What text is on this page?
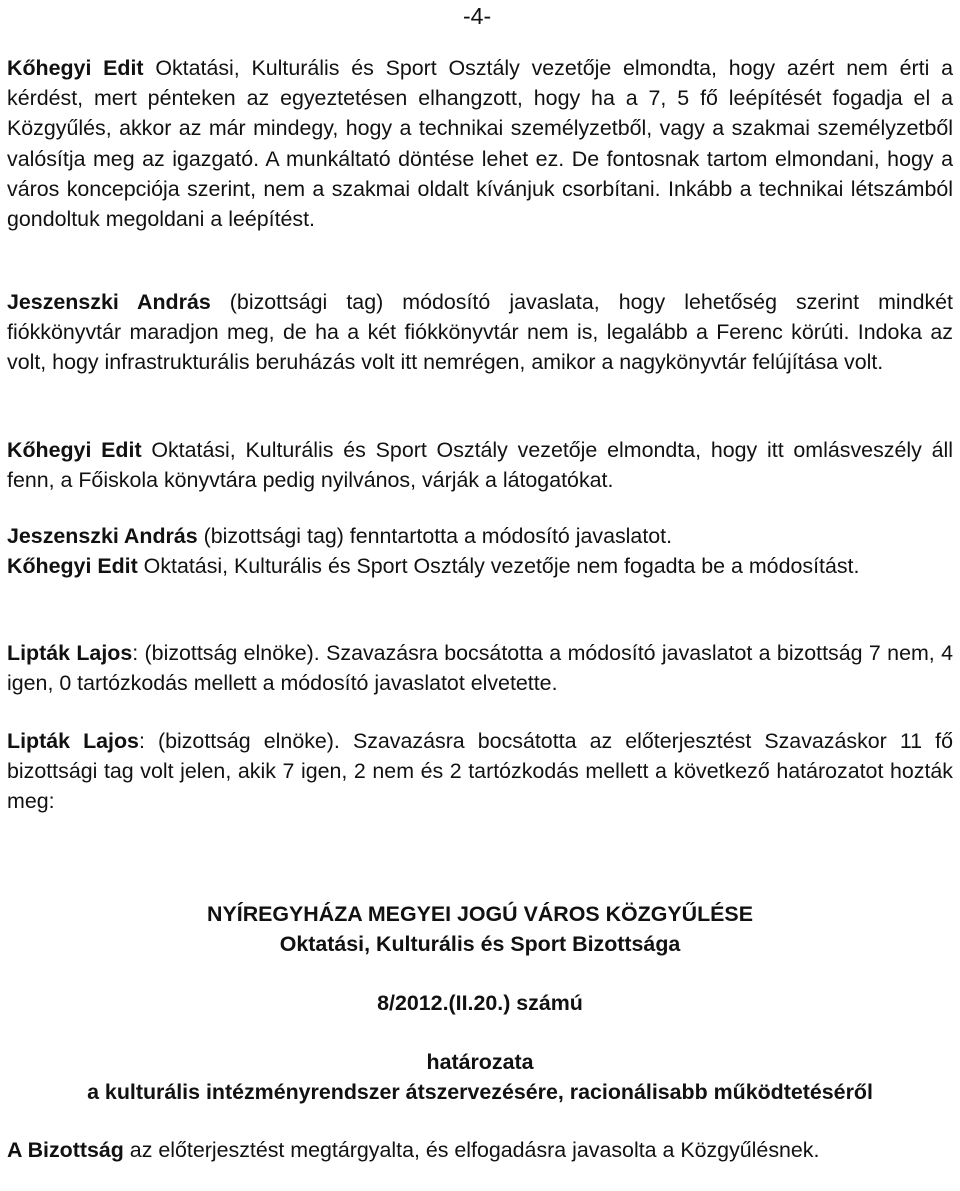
-4-

Kőhegyi Edit Oktatási, Kulturális és Sport Osztály vezetője elmondta, hogy azért nem érti a kérdést, mert pénteken az egyeztetésen elhangzott, hogy ha a 7, 5 fő leépítését fogadja el a Közgyűlés, akkor az már mindegy, hogy a technikai személyzetből, vagy a szakmai személyzetből valósítja meg az igazgató. A munkáltató döntése lehet ez. De fontosnak tartom elmondani, hogy a város koncepciója szerint, nem a szakmai oldalt kívánjuk csorbítani. Inkább a technikai létszámból gondoltuk megoldani a leépítést.

Jeszenszki András (bizottsági tag) módosító javaslata, hogy lehetőség szerint mindkét fiókkönyvtár maradjon meg, de ha a két fiókkönyvtár nem is, legalább a Ferenc körúti. Indoka az volt, hogy infrastrukturális beruházás volt itt nemrégen, amikor a nagykönyvtár felújítása volt.

Kőhegyi Edit Oktatási, Kulturális és Sport Osztály vezetője elmondta, hogy itt omlásveszély áll fenn, a Főiskola könyvtára pedig nyilvános, várják a látogatókat.

Jeszenszki András (bizottsági tag) fenntartotta a módosító javaslatot.

Kőhegyi Edit Oktatási, Kulturális és Sport Osztály vezetője nem fogadta be a módosítást.

Lipták Lajos: (bizottság elnöke). Szavazásra bocsátotta a módosító javaslatot a bizottság 7 nem, 4 igen, 0 tartózkodás mellett a módosító javaslatot elvetette.

Lipták Lajos: (bizottság elnöke). Szavazásra bocsátotta az előterjesztést Szavazáskor 11 fő bizottsági tag volt jelen, akik 7 igen, 2 nem és 2 tartózkodás mellett a következő határozatot hozták meg:

NYÍREGYHÁZA MEGYEI JOGÚ VÁROS KÖZGYŰLÉSE

Oktatási, Kulturális és Sport Bizottsága

8/2012.(II.20.) számú

határozata

a kulturális intézményrendszer átszervezésére, racionálisabb működtetéséről

A Bizottság az előterjesztést megtárgyalta, és elfogadásra javasolta a Közgyűlésnek.
